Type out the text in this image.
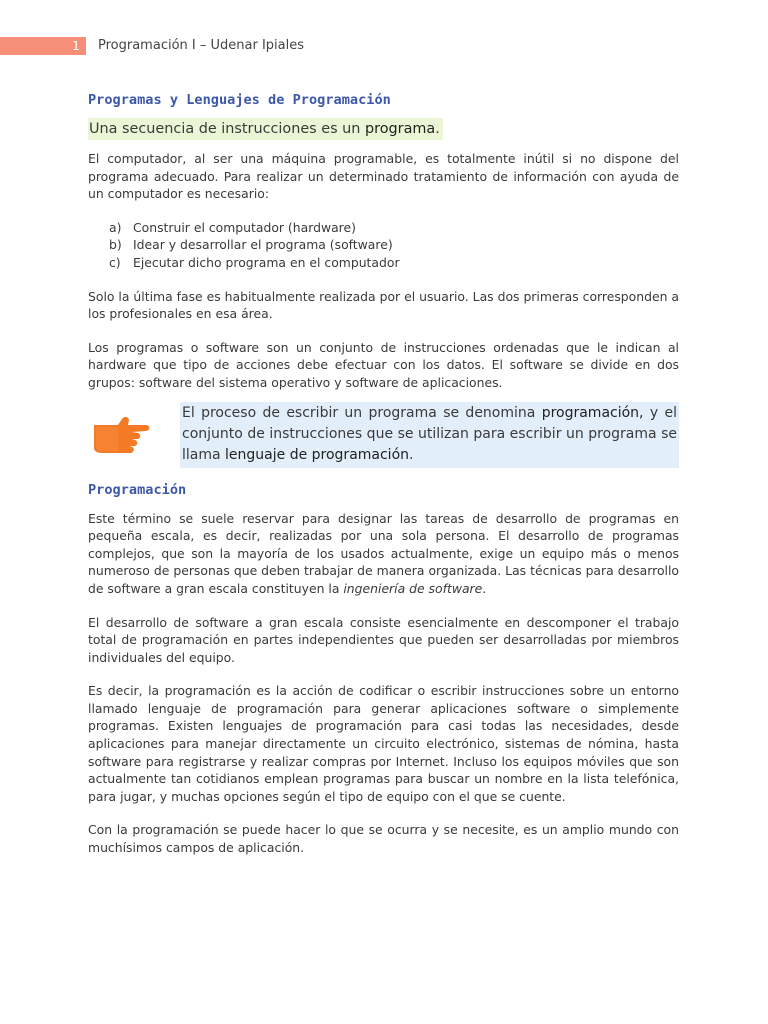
1	Programación I – Udenar Ipiales
Programas y Lenguajes de Programación
Una secuencia de instrucciones es un programa.

El computador, al ser una máquina programable, es totalmente inútil si no dispone del programa adecuado. Para realizar un determinado tratamiento de información con ayuda de un computador es necesario:

a) Construir el computador (hardware)
b) Idear y desarrollar el programa (software)
c) Ejecutar dicho programa en el computador

Solo la última fase es habitualmente realizada por el usuario. Las dos primeras corresponden a los profesionales en esa área.

Los programas o software son un conjunto de instrucciones ordenadas que le indican al hardware que tipo de acciones debe efectuar con los datos. El software se divide en dos grupos: software del sistema operativo y software de aplicaciones.

El proceso de escribir un programa se denomina programación, y el conjunto de instrucciones que se utilizan para escribir un programa se llama lenguaje de programación.
Programación

Este término se suele reservar para designar las tareas de desarrollo de programas en pequeña escala, es decir, realizadas por una sola persona. El desarrollo de programas complejos, que son la mayoría de los usados actualmente, exige un equipo más o menos numeroso de personas que deben trabajar de manera organizada. Las técnicas para desarrollo de software a gran escala constituyen la ingeniería de software.

El desarrollo de software a gran escala consiste esencialmente en descomponer el trabajo total de programación en partes independientes que pueden ser desarrolladas por miembros individuales del equipo.

Es decir, la programación es la acción de codificar o escribir instrucciones sobre un entorno llamado lenguaje de programación para generar aplicaciones software o simplemente programas. Existen lenguajes de programación para casi todas las necesidades, desde aplicaciones para manejar directamente un circuito electrónico, sistemas de nómina, hasta software para registrarse y realizar compras por Internet. Incluso los equipos móviles que son actualmente tan cotidianos emplean programas para buscar un nombre en la lista telefónica, para jugar, y muchas opciones según el tipo de equipo con el que se cuente.

Con la programación se puede hacer lo que se ocurra y se necesite, es un amplio mundo con muchísimos campos de aplicación.
